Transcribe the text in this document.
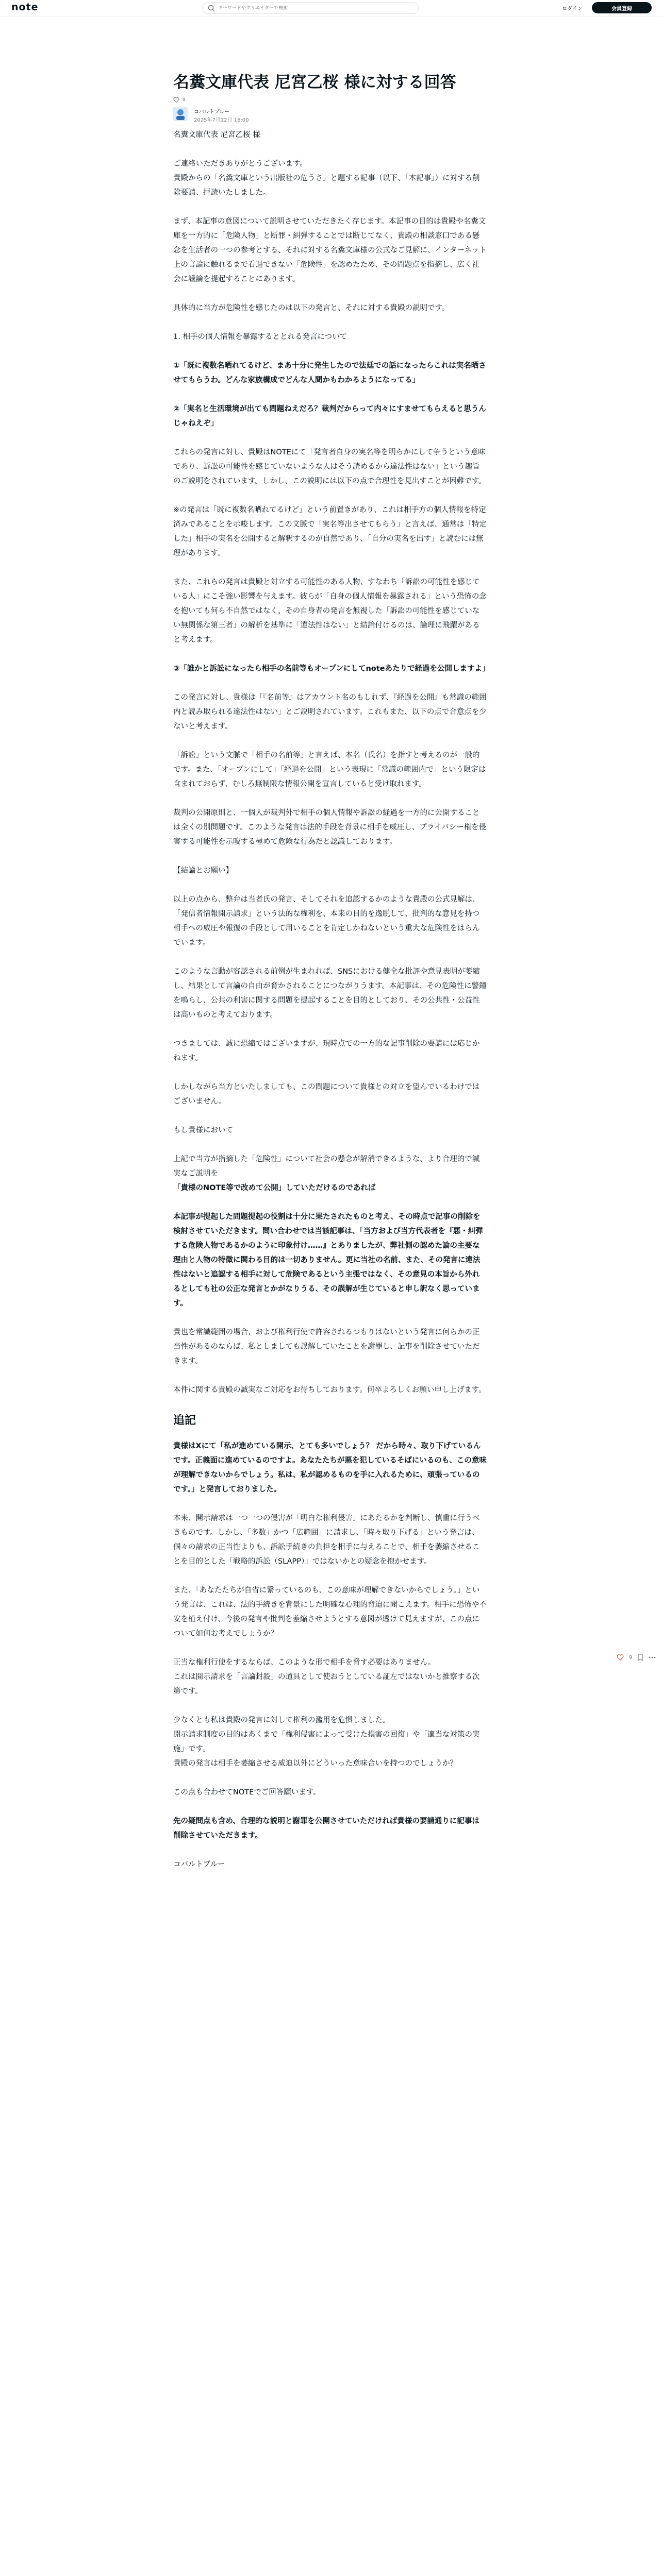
note
キーワードやクリエイターで検索	ログイン	会員登録
名糞文庫代表 尼宮乙桜 様に対する回答
9
コバルトブルー
2025年7月12日 16:00

名糞文庫代表 尼宮乙桜 様

ご連絡いただきありがとうございます。

貴殿からの「名糞文庫という出版社の危うさ」と題する記事（以下、「本記事」）に対する削除要請、拝読いたしました。

まず、本記事の意図について説明させていただきたく存じます。本記事の目的は貴殿や名糞文庫を一方的に「危険人物」と断罪・糾弾することでは断じてなく、貴殿の相談窓口である懸念を生活者の一つの参考とする、それに対する名糞文庫様の公式なご見解に、インターネット上の言論に触れるまで看過できない「危険性」を認めたため、その問題点を指摘し、広く社会に議論を提起することにあります。

具体的に当方が危険性を感じたのは以下の発言と、それに対する貴殿の説明です。

1. 相手の個人情報を暴露するととれる発言について

①「既に複数名晒れてるけど、まあ十分に発生したので法廷での話になったらこれは実名晒させてもらうわ。どんな家族構成でどんな人間かもわかるようになってる」

②「実名と生活環境が出ても問題ねえだろ？裁判だからって内々にすませてもらえると思うんじゃねえぞ」

これらの発言に対し、貴殿はNOTEにて「発言者自身の実名等を明らかにして争うという意味であり、訴訟の可能性を感じていないような人はそう読めるから違法性はない」という趣旨のご説明をされています。しかし、この説明には以下の点で合理性を見出すことが困難です。

※の発言は「既に複数名晒れてるけど」という前置きがあり、これは相手方の個人情報を特定済みであることを示唆します。この文脈で「実名等出させてもらう」と言えば、通常は「特定した」相手の実名を公開すると解釈するのが自然であり、「自分の実名を出す」と読むには無理があります。

また、これらの発言は貴殿と対立する可能性のある人物、すなわち「訴訟の可能性を感じている人」にこそ強い影響を与えます。彼らが「自身の個人情報を暴露される」という恐怖の念を抱いても何ら不自然ではなく、その自身者の発言を無視した「訴訟の可能性を感じていない無関係な第三者」の解析を基準に「違法性はない」と結論付けるのは、論理に飛躍があると考えます。

③「誰かと訴訟になったら相手の名前等もオープンにしてnoteあたりで経過を公開しますよ」

この発言に対し、貴様は「『名前等』はアカウント名のもしれず、『経過を公開』も常識の範囲内と読み取られる違法性はない」とご説明されています。これもまた、以下の点で合意点を少ないと考えます。

「訴訟」という文脈で「相手の名前等」と言えば、本名（氏名）を指すと考えるのが一般的です。また、「オープンにして」「経過を公開」という表現に「常識の範囲内で」という限定は含まれておらず、むしろ無制限な情報公開を宣言していると受け取れます。

裁判の公開原則と、一個人が裁判外で相手の個人情報や訴訟の経過を一方的に公開することは全くの別問題です。このような発言は法的手段を背景に相手を威圧し、プライバシー権を侵害する可能性を示唆する極めて危険な行為だと認識しております。

【結論とお願い】

以上の点から、整弁は当者氏の発言、そしてそれを追認するかのような貴殿の公式見解は、「発信者情報開示請求」という法的な権利を、本来の目的を逸脱して、批判的な意見を持つ相手への威圧や報復の手段として用いることを肯定しかねないという重大な危険性をはらんでいます。

このような言動が容認される前例が生まれれば、SNSにおける健全な批評や意見表明が萎縮し、結果として言論の自由が脅かされることにつながりうます。本記事は、その危険性に警鐘を鳴らし、公共の利害に関する問題を提起することを目的としており、その公共性・公益性は高いものと考えております。

つきましては、誠に恐縮ではございますが、現時点での一方的な記事削除の要請には応じかねます。

しかしながら当方といたしましても、この問題について貴様との対立を望んでいるわけではございません。

もし貴様において

上記で当方が指摘した「危険性」について社会の懸念が解消できるような、より合理的で誠実なご説明を

「貴様のNOTE等で改めて公開」していただけるのであれば

本記事が提起した問題提起の役割は十分に果たされたものと考え、その時点で記事の削除を検討させていただきます。問い合わせでは当該記事は、「当方および当方代表者を『悪・糾弾する危険人物であるかのように印象付け……』とありましたが、弊社側の認めた論の主要な理由と人物の特徴に関わる目的は一切ありません。更に当社の名前、また、その発言に違法性はないと追認する相手に対して危険であるという主張ではなく、その意見の本旨から外れるとしても社の公正な発言とかがなりうる、その誤解が生じていると申し訳なく思っています。

貴也を常識範囲の場合、および権利行使で許容されるつもりはないという発言に何らかの正当性があるのならば、私としましても誤解していたことを謝罪し、記事を削除させていただきます。

本件に関する貴殿の誠実なご対応をお待ちしております。何卒よろしくお願い申し上げます。

追記

貴様はXにて「私が進めている開示、とても多いでしょう？ だから時々、取り下げているんです。正義面に進めているのですよ。あなたたちが悪を犯しているそばにいるのも、この意味が理解できないからでしょう。私は、私が認めるものを手に入れるために、頑張っているのです。」と発言しておりました。

本来、開示請求は一つ一つの侵害が「明白な権利侵害」にあたるかを判断し、慎重に行うべきものです。しかし、「多数」かつ「広範囲」に請求し、「時々取り下げる」という発言は、個々の請求の正当性よりも、訴訟手続きの負担を相手に与えることで、相手を萎縮させることを目的とした「戦略的訴訟（SLAPP）」ではないかとの疑念を抱かせます。

また、「あなたたちが自省に繋っているのも、この意味が理解できないからでしょう。」という発言は、これは、法的手続きを背景にした明確な心理的脅迫に聞こえます。相手に恐怖や不安を植え付け、今後の発言や批判を差縮させようとする意図が透けて見えますが、この点について如何お考えでしょうか？

正当な権利行使をするならば、このような形で相手を脅す必要はありません。

これは開示請求を「言論封殺」の道具として使おうとしている証左ではないかと推察する次第です。

少なくとも私は貴殿の発言に対して権利の濫用を危惧しました。

開示請求制度の目的はあくまで「権利侵害によって受けた損害の回復」や「適当な対策の実施」です。

貴殿の発言は相手を萎縮させる威迫以外にどういった意味合いを持つのでしょうか？

この点も合わせてNOTEでご回答願います。

先の疑問点も含め、合理的な説明と謝罪を公開させていただければ貴様の要請通りに記事は削除させていただきます。

コバルトブルー

9
